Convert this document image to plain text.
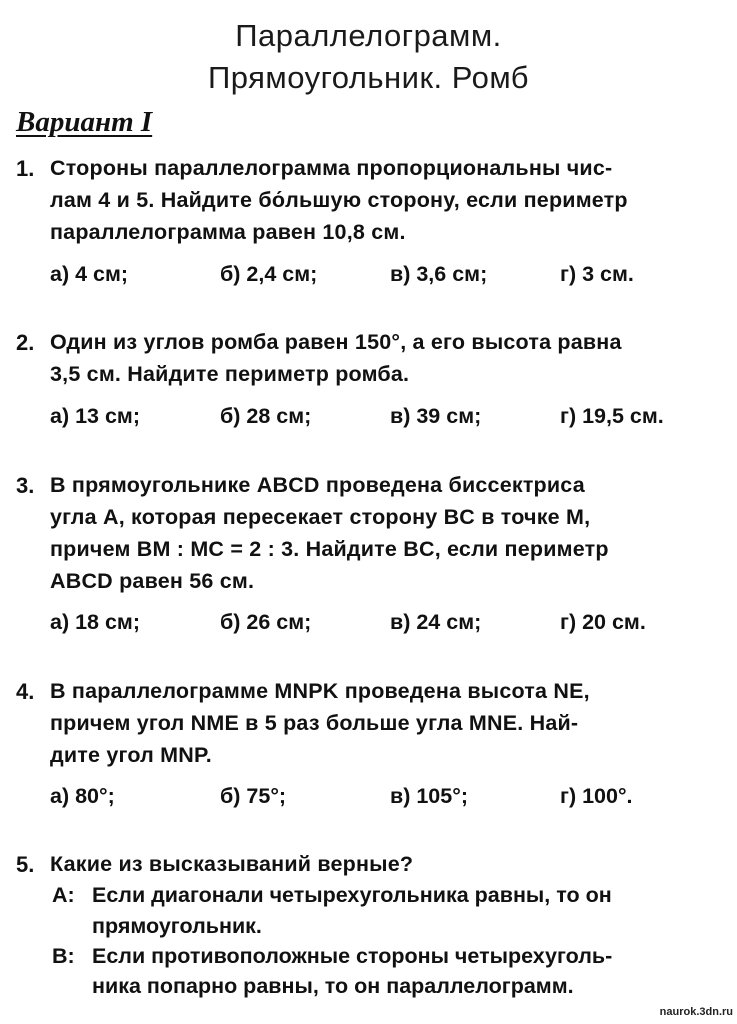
Параллелограмм.
Прямоугольник. Ромб
Вариант I
1. Стороны параллелограмма пропорциональны чис-
лам 4 и 5. Найдите бо́льшую сторону, если периметр
параллелограмма равен 10,8 см.
а) 4 см;	б) 2,4 см;	в) 3,6 см;	г) 3 см.
2. Один из углов ромба равен 150°, а его высота равна
3,5 см. Найдите периметр ромба.
а) 13 см;	б) 28 см;	в) 39 см;	г) 19,5 см.
3. В прямоугольнике ABCD проведена биссектриса
угла A, которая пересекает сторону BC в точке M,
причем BM : MC = 2 : 3. Найдите BC, если периметр
ABCD равен 56 см.
а) 18 см;	б) 26 см;	в) 24 см;	г) 20 см.
4. В параллелограмме MNPK проведена высота NE,
причем угол NME в 5 раз больше угла MNE. Най-
дите угол MNP.
а) 80°;	б) 75°;	в) 105°;	г) 100°.
5. Какие из высказываний верные?
А: Если диагонали четырехугольника равны, то он
прямоугольник.
В: Если противоположные стороны четырехуголь-
ника попарно равны, то он параллелограмм.
naurok.3dn.ru
